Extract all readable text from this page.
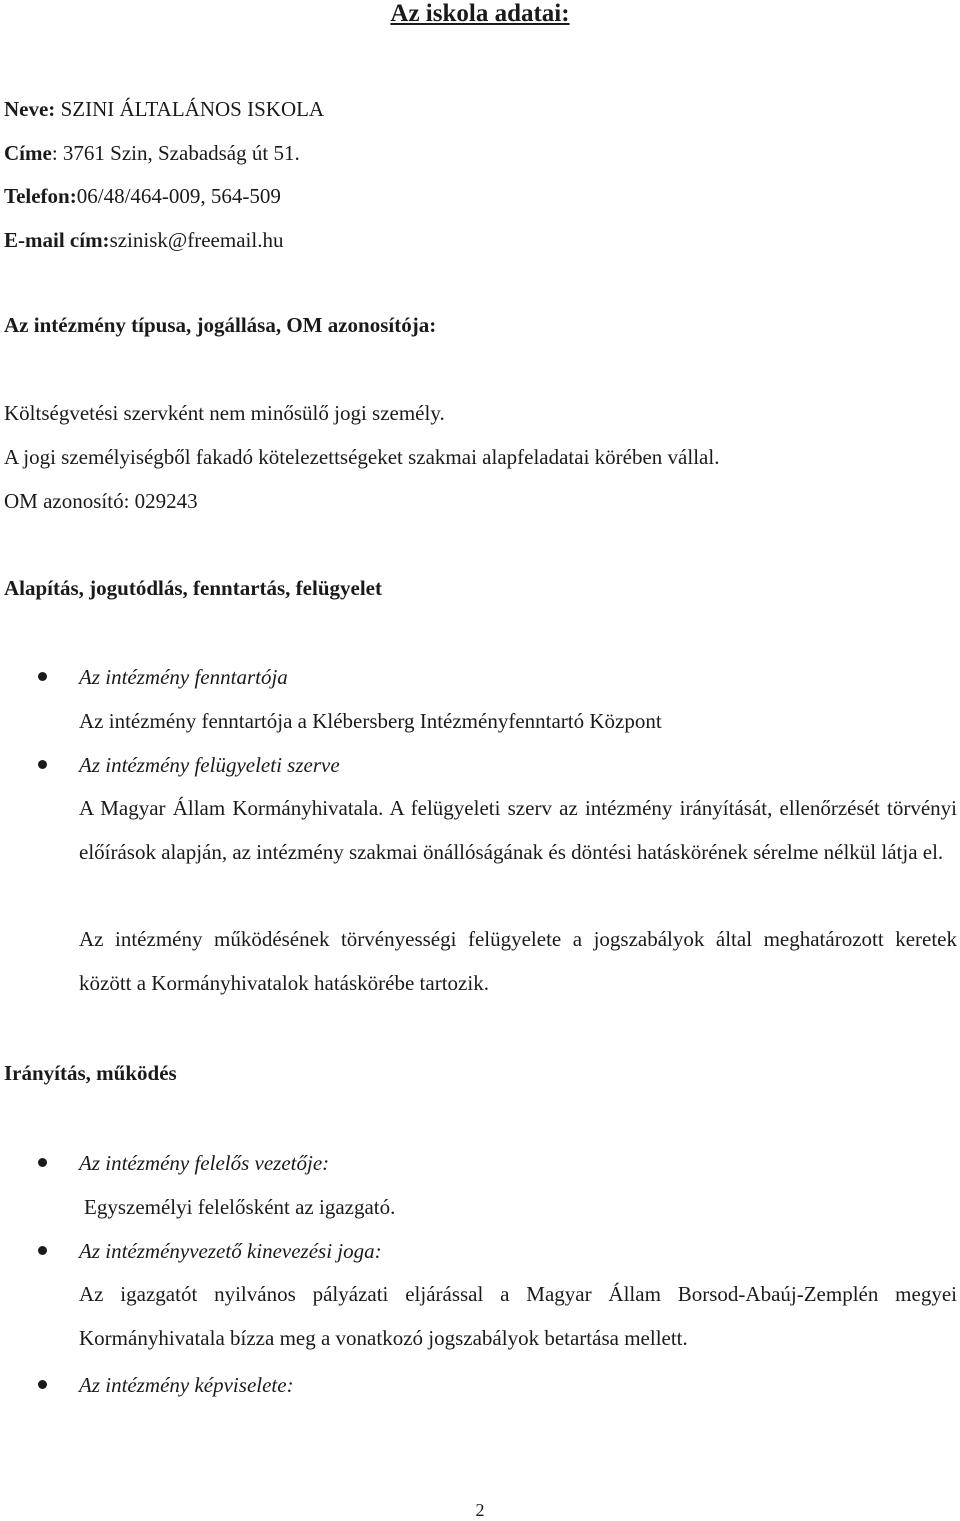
Az iskola adatai:
Neve: SZINI ÁLTALÁNOS ISKOLA
Címe: 3761 Szin, Szabadság út 51.
Telefon:06/48/464-009, 564-509
E-mail cím:szinisk@freemail.hu
Az intézmény típusa, jogállása, OM azonosítója:
Költségvetési szervként nem minősülő jogi személy.
A jogi személyiségből fakadó kötelezettségeket szakmai alapfeladatai körében vállal.
OM azonosító: 029243
Alapítás, jogutódlás, fenntartás, felügyelet
Az intézmény fenntartója
Az intézmény fenntartója a Klébersberg Intézményfenntartó Központ
Az intézmény felügyeleti szerve
A Magyar Állam Kormányhivatala. A felügyeleti szerv az intézmény irányítását, ellenőrzését törvényi előírások alapján, az intézmény szakmai önállóságának és döntési hatáskörének sérelme nélkül látja el.
Az intézmény működésének törvényességi felügyelete a jogszabályok által meghatározott keretek között a Kormányhivatalok hatáskörébe tartozik.
Irányítás, működés
Az intézmény felelős vezetője:
Egyszemélyi felelősként az igazgató.
Az intézményvezető kinevezési joga:
Az igazgatót nyilvános pályázati eljárással a Magyar Állam Borsod-Abaúj-Zemplén megyei Kormányhivatala bízza meg a vonatkozó jogszabályok betartása mellett.
Az intézmény képviselete:
2
